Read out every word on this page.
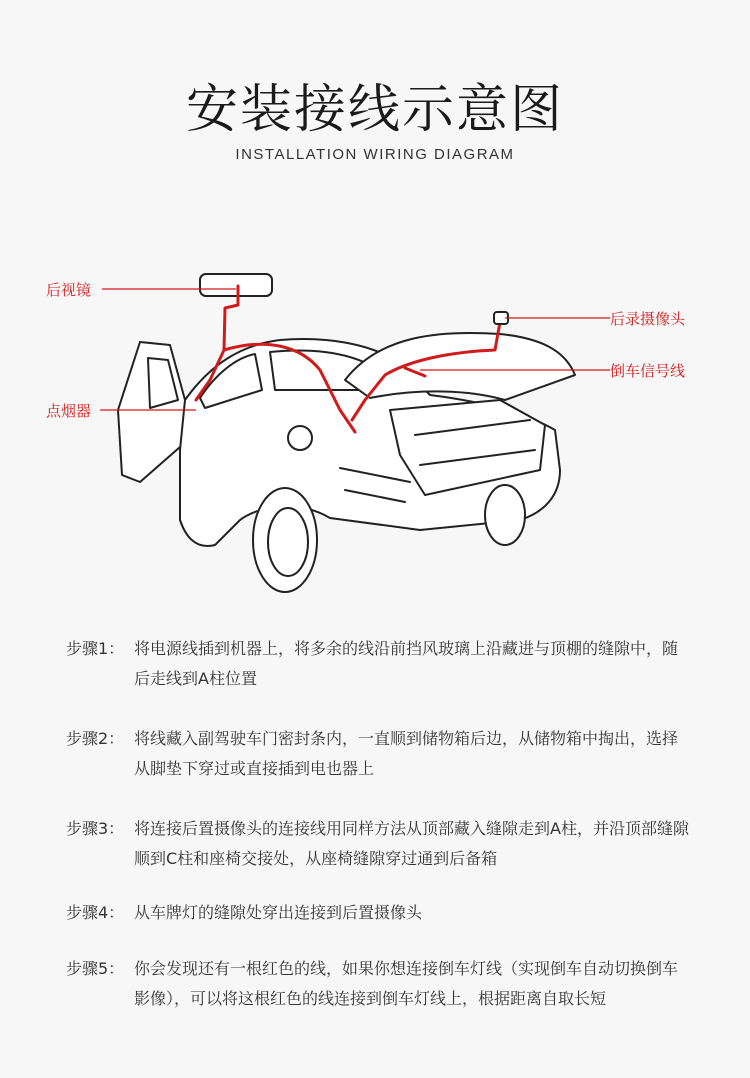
安装接线示意图
INSTALLATION WIRING DIAGRAM
后视镜
后录摄像头
倒车信号线
点烟器
步骤1： 将电源线插到机器上，将多余的线沿前挡风玻璃上沿藏进与顶棚的缝隙中，随后走线到A柱位置
步骤2： 将线藏入副驾驶车门密封条内，一直顺到储物箱后边，从储物箱中掏出，选择从脚垫下穿过或直接插到电也器上
步骤3： 将连接后置摄像头的连接线用同样方法从顶部藏入缝隙走到A柱，并沿顶部缝隙顺到C柱和座椅交接处，从座椅缝隙穿过通到后备箱
步骤4： 从车牌灯的缝隙处穿出连接到后置摄像头
步骤5： 你会发现还有一根红色的线，如果你想连接倒车灯线（实现倒车自动切换倒车影像），可以将这根红色的线连接到倒车灯线上，根据距离自取长短
